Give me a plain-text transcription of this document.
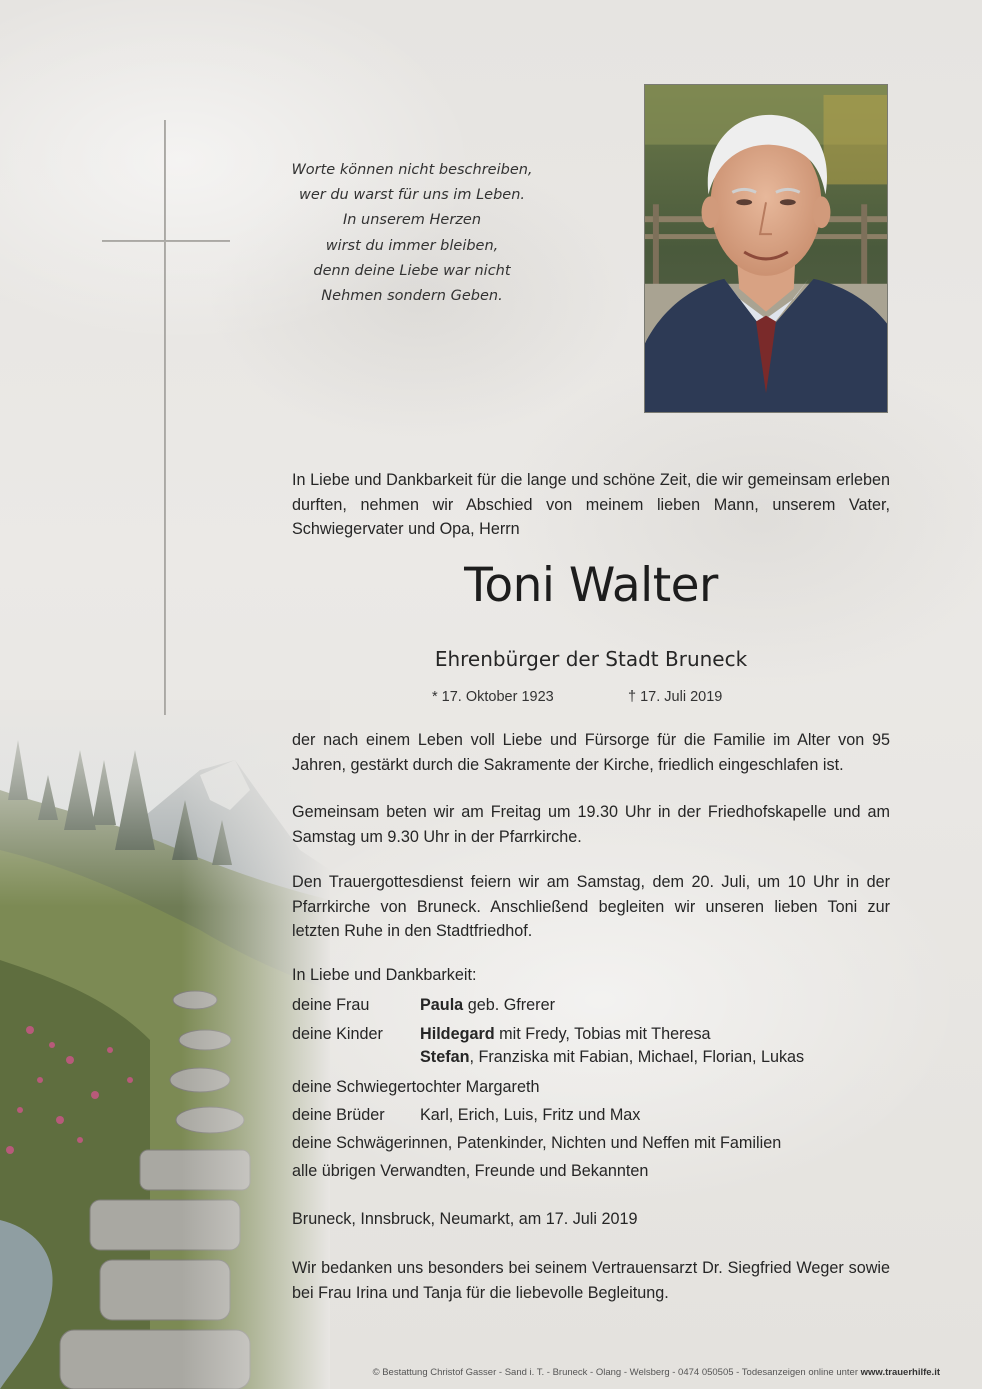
Worte können nicht beschreiben,
wer du warst für uns im Leben.
In unserem Herzen
wirst du immer bleiben,
denn deine Liebe war nicht
Nehmen sondern Geben.
In Liebe und Dankbarkeit für die lange und schöne Zeit, die wir gemeinsam erleben durften, nehmen wir Abschied von meinem lieben Mann, unserem Vater, Schwiegervater und Opa, Herrn
Toni Walter
Ehrenbürger der Stadt Bruneck
* 17. Oktober 1923	† 17. Juli 2019
der nach einem Leben voll Liebe und Fürsorge für die Familie im Alter von 95 Jahren, gestärkt durch die Sakramente der Kirche, friedlich eingeschlafen ist.
Gemeinsam beten wir am Freitag um 19.30 Uhr in der Friedhofskapelle und am Samstag um 9.30 Uhr in der Pfarrkirche.
Den Trauergottesdienst feiern wir am Samstag, dem 20. Juli, um 10 Uhr in der Pfarrkirche von Bruneck. Anschließend begleiten wir unseren lieben Toni zur letzten Ruhe in den Stadtfriedhof.
In Liebe und Dankbarkeit:
deine Frau	Paula geb. Gfrerer
deine Kinder Hildegard mit Fredy, Tobias mit Theresa
Stefan, Franziska mit Fabian, Michael, Florian, Lukas
deine Schwiegertochter Margareth
deine Brüder Karl, Erich, Luis, Fritz und Max
deine Schwägerinnen, Patenkinder, Nichten und Neffen mit Familien
alle übrigen Verwandten, Freunde und Bekannten
Bruneck, Innsbruck, Neumarkt, am 17. Juli 2019
Wir bedanken uns besonders bei seinem Vertrauensarzt Dr. Siegfried Weger sowie bei Frau Irina und Tanja für die liebevolle Begleitung.
© Bestattung Christof Gasser - Sand i. T. - Bruneck - Olang - Welsberg - 0474 050505 - Todesanzeigen online unter www.trauerhilfe.it
